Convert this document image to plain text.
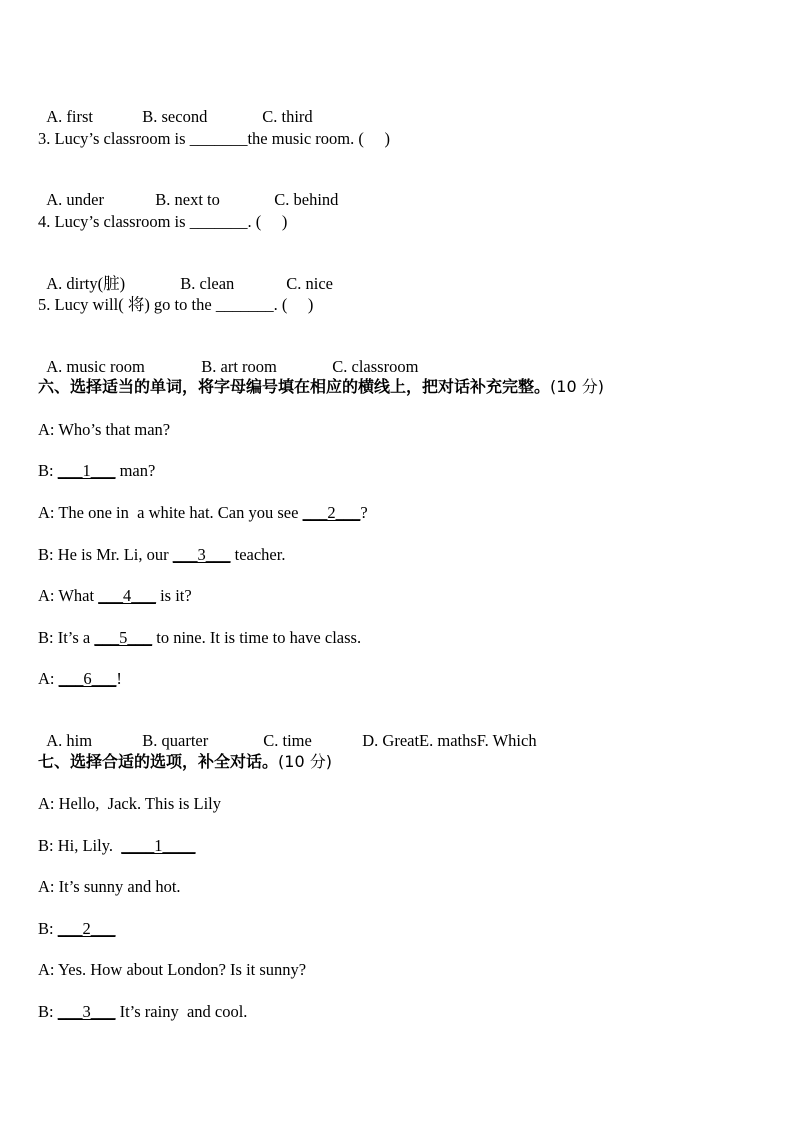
A. first	B. second	C. third

3. Lucy’s classroom is _______the music room. (     )

A. under	B. next to	C. behind

4. Lucy’s classroom is _______. (     )

A. dirty(脏)	B. clean	C. nice

5. Lucy will( 将) go to the _______. (     )

A. music room	B. art room	C. classroom

六、选择适当的单词，将字母编号填在相应的横线上，把对话补充完整。(10 分)
A: Who’s that man?
B: ___1___ man?
A: The one in  a white hat. Can you see ___2___?
B: He is Mr. Li, our ___3___ teacher.
A: What ___4___ is it?
B: It’s a ___5___ to nine. It is time to have class.
A: ___6___!

A. him	B. quarter	C. time	D. GreatE. mathsF. Which

七、选择合适的选项，补全对话。(10 分)
A: Hello,  Jack. This is Lily
B: Hi, Lily.  ____1____
A: It’s sunny and hot.
B: ___2___
A: Yes. How about London? Is it sunny?
B: ___3___ It’s rainy  and cool.
